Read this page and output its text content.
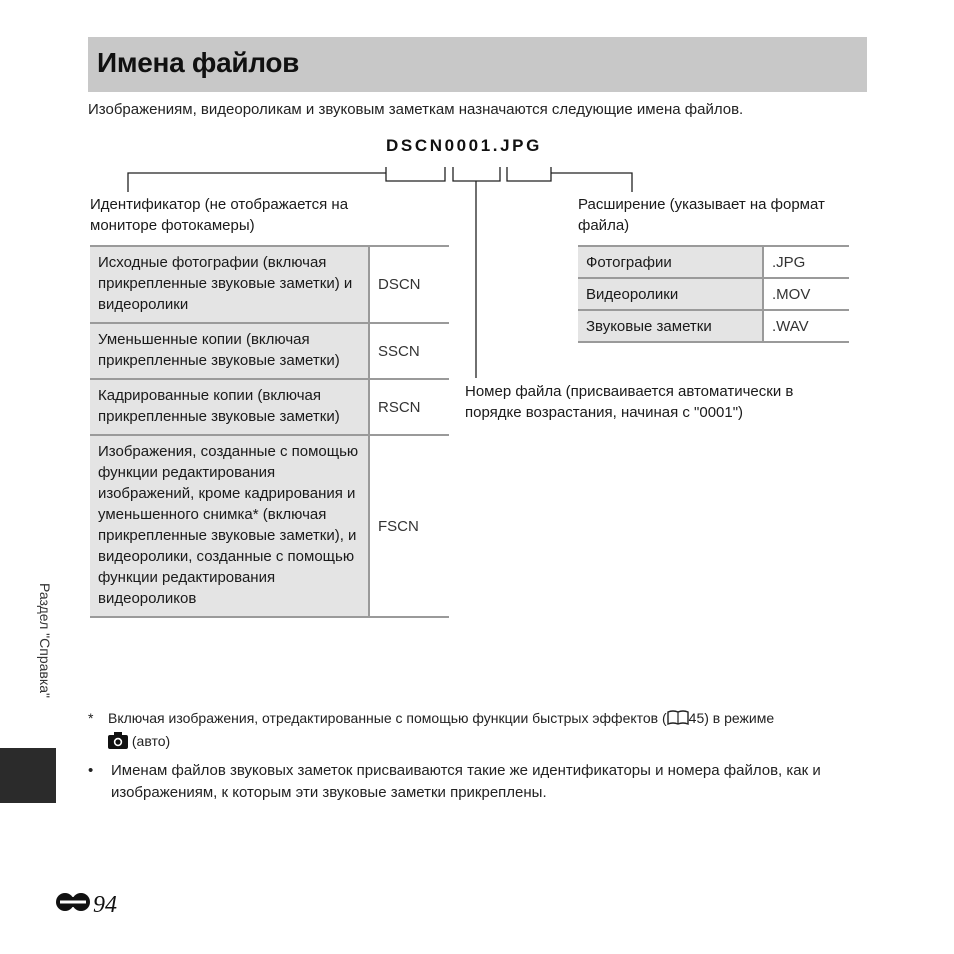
Имена файлов
Изображениям, видеороликам и звуковым заметкам назначаются следующие имена файлов.
DSCN0001.JPG
Идентификатор (не отображается на мониторе фотокамеры)
Расширение (указывает на формат файла)
Номер файла (присваивается автоматически в порядке возрастания, начиная с "0001")
Исходные фотографии (включая прикрепленные звуковые заметки) и видеоролики	DSCN
Уменьшенные копии (включая прикрепленные звуковые заметки)	SSCN
Кадрированные копии (включая прикрепленные звуковые заметки)	RSCN
Изображения, созданные с помощью функции редактирования изображений, кроме кадрирования и уменьшенного снимка* (включая прикрепленные звуковые заметки), и видеоролики, созданные с помощью функции редактирования видеороликов	FSCN
Фотографии	.JPG
Видеоролики	.MOV
Звуковые заметки	.WAV
* Включая изображения, отредактированные с помощью функции быстрых эффектов ( 45) в режиме
(авто)
• Именам файлов звуковых заметок присваиваются такие же идентификаторы и номера файлов, как и изображениям, к которым эти звуковые заметки прикреплены.
Раздел "Справка"
94
